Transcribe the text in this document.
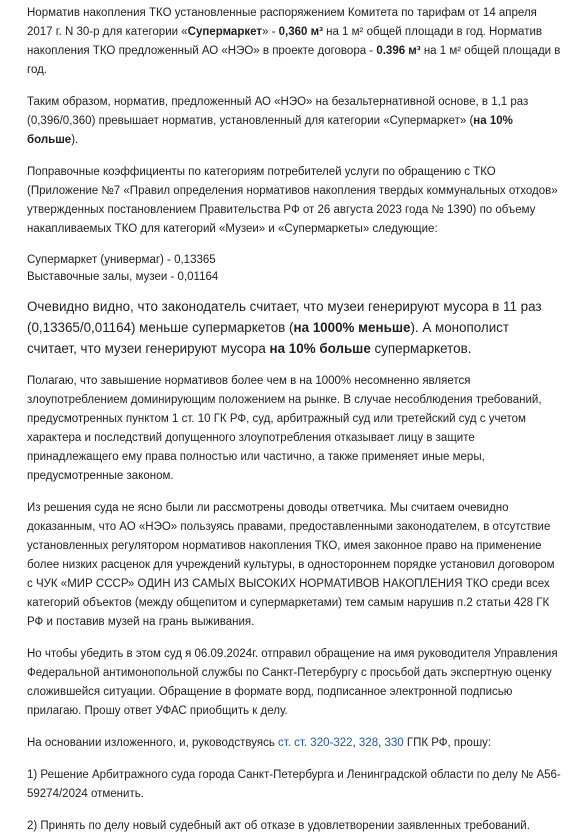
Норматив накопления ТКО установленные распоряжением Комитета по тарифам от 14 апреля 2017 г. N 30-р для категории «Супермаркет» - 0,360 м³ на 1 м² общей площади в год. Норматив накопления ТКО предложенный АО «НЭО» в проекте договора - 0.396 м³ на 1 м² общей площади в год.

Таким образом, норматив, предложенный АО «НЭО» на безальтернативной основе, в 1,1 раз (0,396/0,360) превышает норматив, установленный для категории «Супермаркет» (на 10% больше).

Поправочные коэффициенты по категориям потребителей услуги по обращению с ТКО (Приложение №7 «Правил определения нормативов накопления твердых коммунальных отходов» утвержденных постановлением Правительства РФ от 26 августа 2023 года № 1390) по объему накапливаемых ТКО для категорий «Музеи» и «Супермаркеты» следующие:

Супермаркет (универмаг) - 0,13365

Выставочные залы, музеи - 0,01164

Очевидно видно, что законодатель считает, что музеи генерируют мусора в 11 раз (0,13365/0,01164) меньше супермаркетов (на 1000% меньше). А монополист считает, что музеи генерируют мусора на 10% больше супермаркетов.

Полагаю, что завышение нормативов более чем в на 1000% несомненно является злоупотреблением доминирующим положением на рынке. В случае несоблюдения требований, предусмотренных пунктом 1 ст. 10 ГК РФ, суд, арбитражный суд или третейский суд с учетом характера и последствий допущенного злоупотребления отказывает лицу в защите принадлежащего ему права полностью или частично, а также применяет иные меры, предусмотренные законом.

Из решения суда не ясно были ли рассмотрены доводы ответчика. Мы считаем очевидно доказанным, что АО «НЭО» пользуясь правами, предоставленными законодателем, в отсутствие установленных регулятором нормативов накопления ТКО, имея законное право на применение более низких расценок для учреждений культуры, в одностороннем порядке установил договором с ЧУК «МИР СССР» ОДИН ИЗ САМЫХ ВЫСОКИХ НОРМАТИВОВ НАКОПЛЕНИЯ ТКО среди всех категорий объектов (между общепитом и супермаркетами) тем самым нарушив п.2 статьи 428 ГК РФ и поставив музей на грань выживания.

Но чтобы убедить в этом суд я 06.09.2024г. отправил обращение на имя руководителя Управления Федеральной антимонопольной службы по Санкт-Петербургу с просьбой дать экспертную оценку сложившейся ситуации. Обращение в формате ворд, подписанное электронной подписью прилагаю. Прошу ответ УФАС приобщить к делу.

На основании изложенного, и, руководствуясь ст. ст. 320-322, 328, 330 ГПК РФ, прошу:

1) Решение Арбитражного суда города Санкт-Петербурга и Ленинградской области по делу № А56-59274/2024 отменить.

2) Принять по делу новый судебный акт об отказе в удовлетворении заявленных требований.
